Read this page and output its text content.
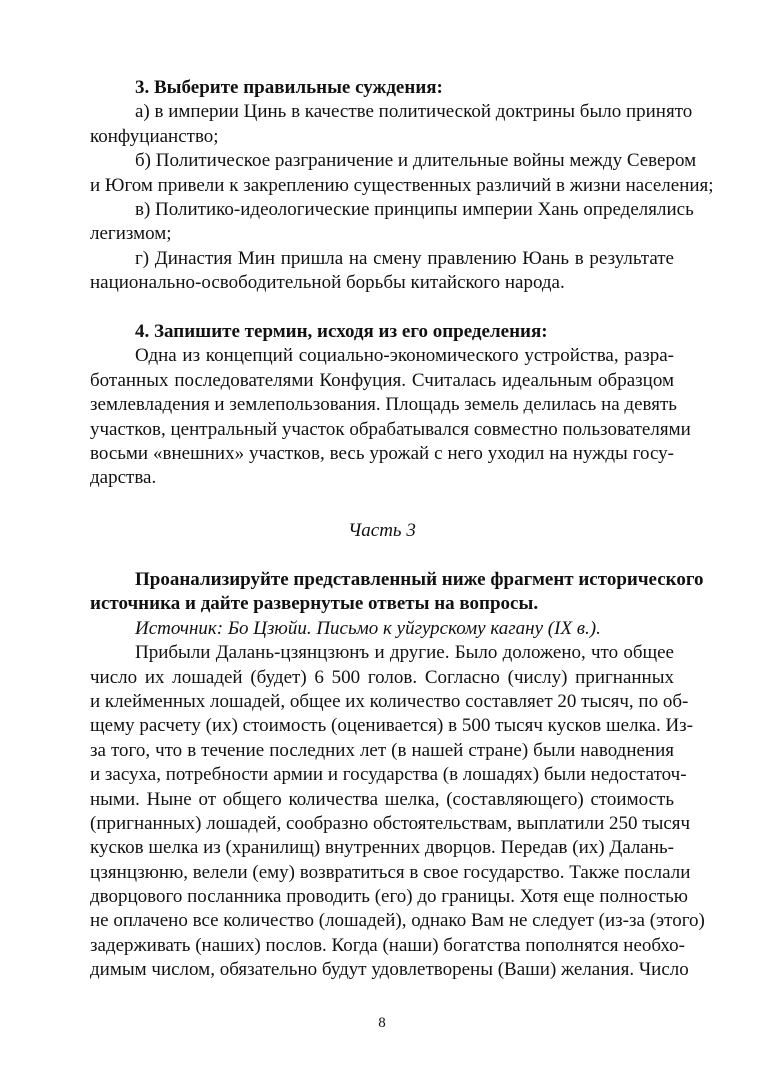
3. Выберите правильные суждения:
а) в империи Цинь в качестве политической доктрины было принято
конфуцианство;
б) Политическое разграничение и длительные войны между Севером
и Югом привели к закреплению существенных различий в жизни населения;
в) Политико-идеологические принципы империи Хань определялись
легизмом;
г) Династия Мин пришла на смену правлению Юань в результате
национально-освободительной борьбы китайского народа.
4. Запишите термин, исходя из его определения:
Одна из концепций социально-экономического устройства, разра-
ботанных последователями Конфуция. Считалась идеальным образцом
землевладения и землепользования. Площадь земель делилась на девять
участков, центральный участок обрабатывался совместно пользователями
восьми «внешних» участков, весь урожай с него уходил на нужды госу-
дарства.
Часть 3
Проанализируйте представленный ниже фрагмент исторического
источника и дайте развернутые ответы на вопросы.
Источник: Бо Цзюйи. Письмо к уйгурскому кагану (IX в.).
Прибыли Далань-цзянцзюнъ и другие. Было доложено, что общее
число их лошадей (будет) 6 500 голов. Согласно (числу) пригнанных
и клейменных лошадей, общее их количество составляет 20 тысяч, по об-
щему расчету (их) стоимость (оценивается) в 500 тысяч кусков шелка. Из-
за того, что в течение последних лет (в нашей стране) были наводнения
и засуха, потребности армии и государства (в лошадях) были недостаточ-
ными. Ныне от общего количества шелка, (составляющего) стоимость
(пригнанных) лошадей, сообразно обстоятельствам, выплатили 250 тысяч
кусков шелка из (хранилищ) внутренних дворцов. Передав (их) Далань-
цзянцзюню, велели (ему) возвратиться в свое государство. Также послали
дворцового посланника проводить (его) до границы. Хотя еще полностью
не оплачено все количество (лошадей), однако Вам не следует (из-за (этого)
задерживать (наших) послов. Когда (наши) богатства пополнятся необхо-
димым числом, обязательно будут удовлетворены (Ваши) желания. Число
8
